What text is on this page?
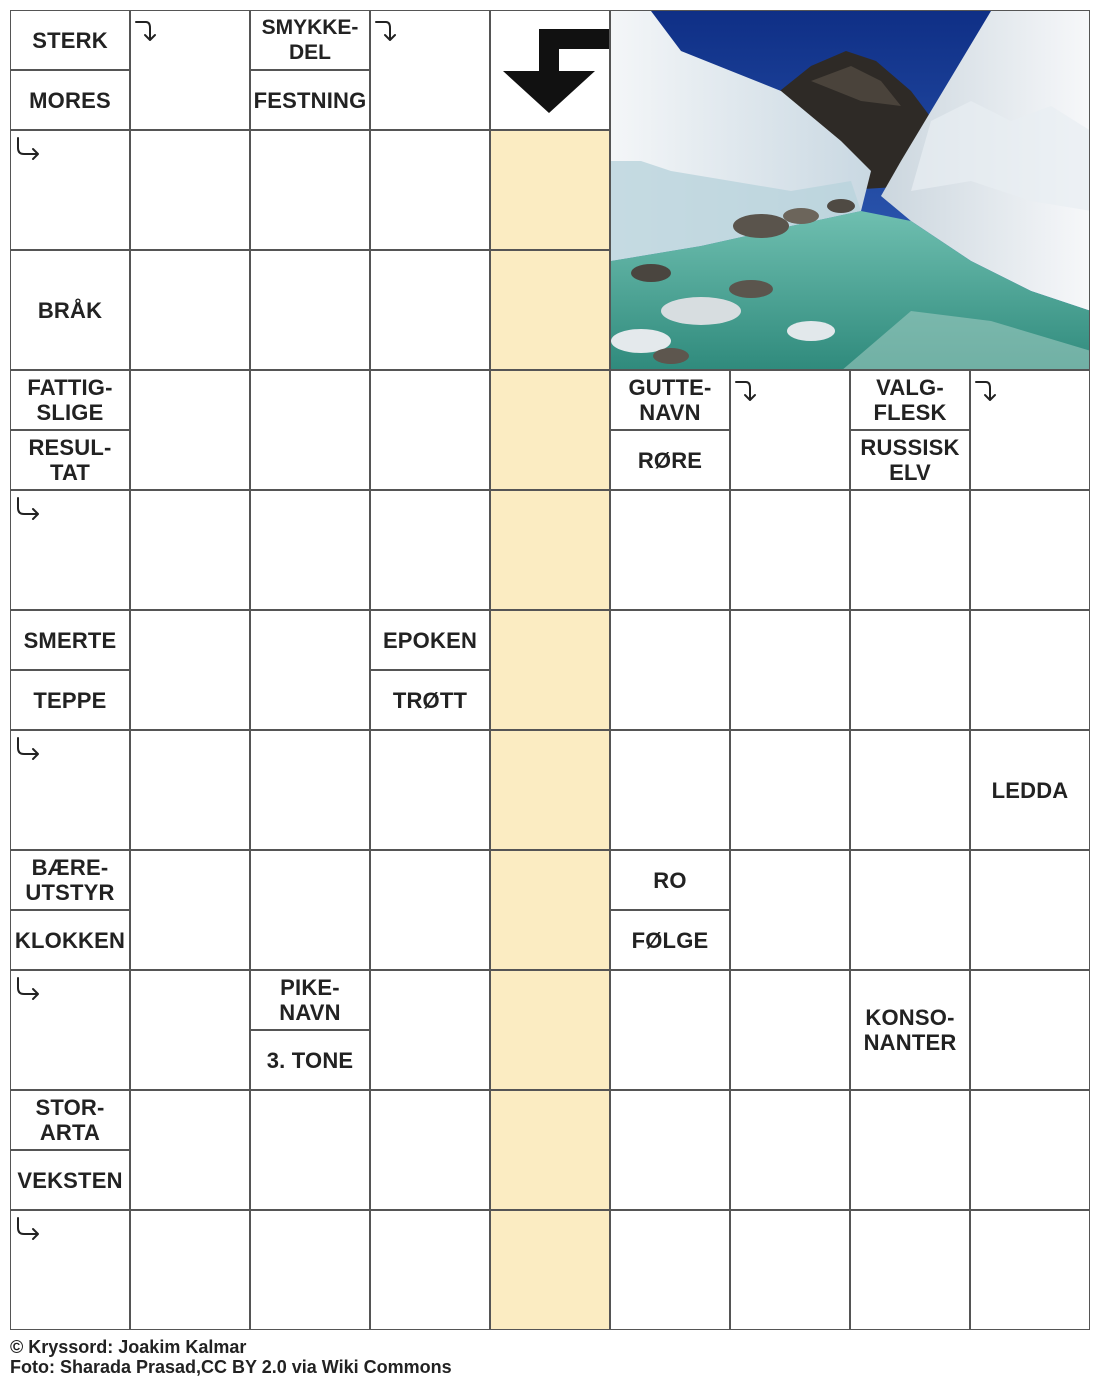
STERK
MORES
SMYKKE-
DEL
FESTNING
BRÅK
FATTIG-
SLIGE
RESUL-
TAT
GUTTE-
NAVN
RØRE
VALG-
FLESK
RUSSISK
ELV
SMERTE
TEPPE
EPOKEN
TRØTT
LEDDA
BÆRE-
UTSTYR
KLOKKEN
RO
FØLGE
PIKE-
NAVN
3. TONE
KONSO-
NANTER
STOR-
ARTA
VEKSTEN
© Kryssord: Joakim Kalmar
Foto: Sharada Prasad,CC BY 2.0 via Wiki Commons
